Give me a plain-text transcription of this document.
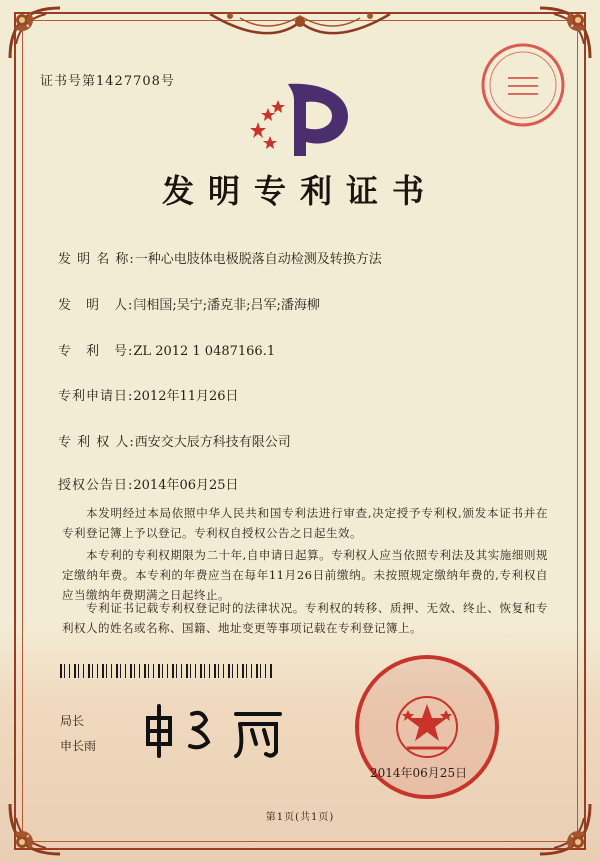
证书号第1427708号
发明专利证书
发 明 名 称:一种心电肢体电极脱落自动检测及转换方法
发　明　人:闫相国;吴宁;潘克非;吕军;潘海柳
专　利　号:ZL 2012 1 0487166.1
专利申请日:2012年11月26日
专 利 权 人:西安交大辰方科技有限公司
授权公告日:2014年06月25日
本发明经过本局依照中华人民共和国专利法进行审查,决定授予专利权,颁发本证书并在专利登记簿上予以登记。专利权自授权公告之日起生效。
本专利的专利权期限为二十年,自申请日起算。专利权人应当依照专利法及其实施细则规定缴纳年费。本专利的年费应当在每年11月26日前缴纳。未按照规定缴纳年费的,专利权自应当缴纳年费期满之日起终止。
专利证书记载专利权登记时的法律状况。专利权的转移、质押、无效、终止、恢复和专利权人的姓名或名称、国籍、地址变更等事项记载在专利登记簿上。
局长
申长雨
2014年06月25日
第1页(共1页)
